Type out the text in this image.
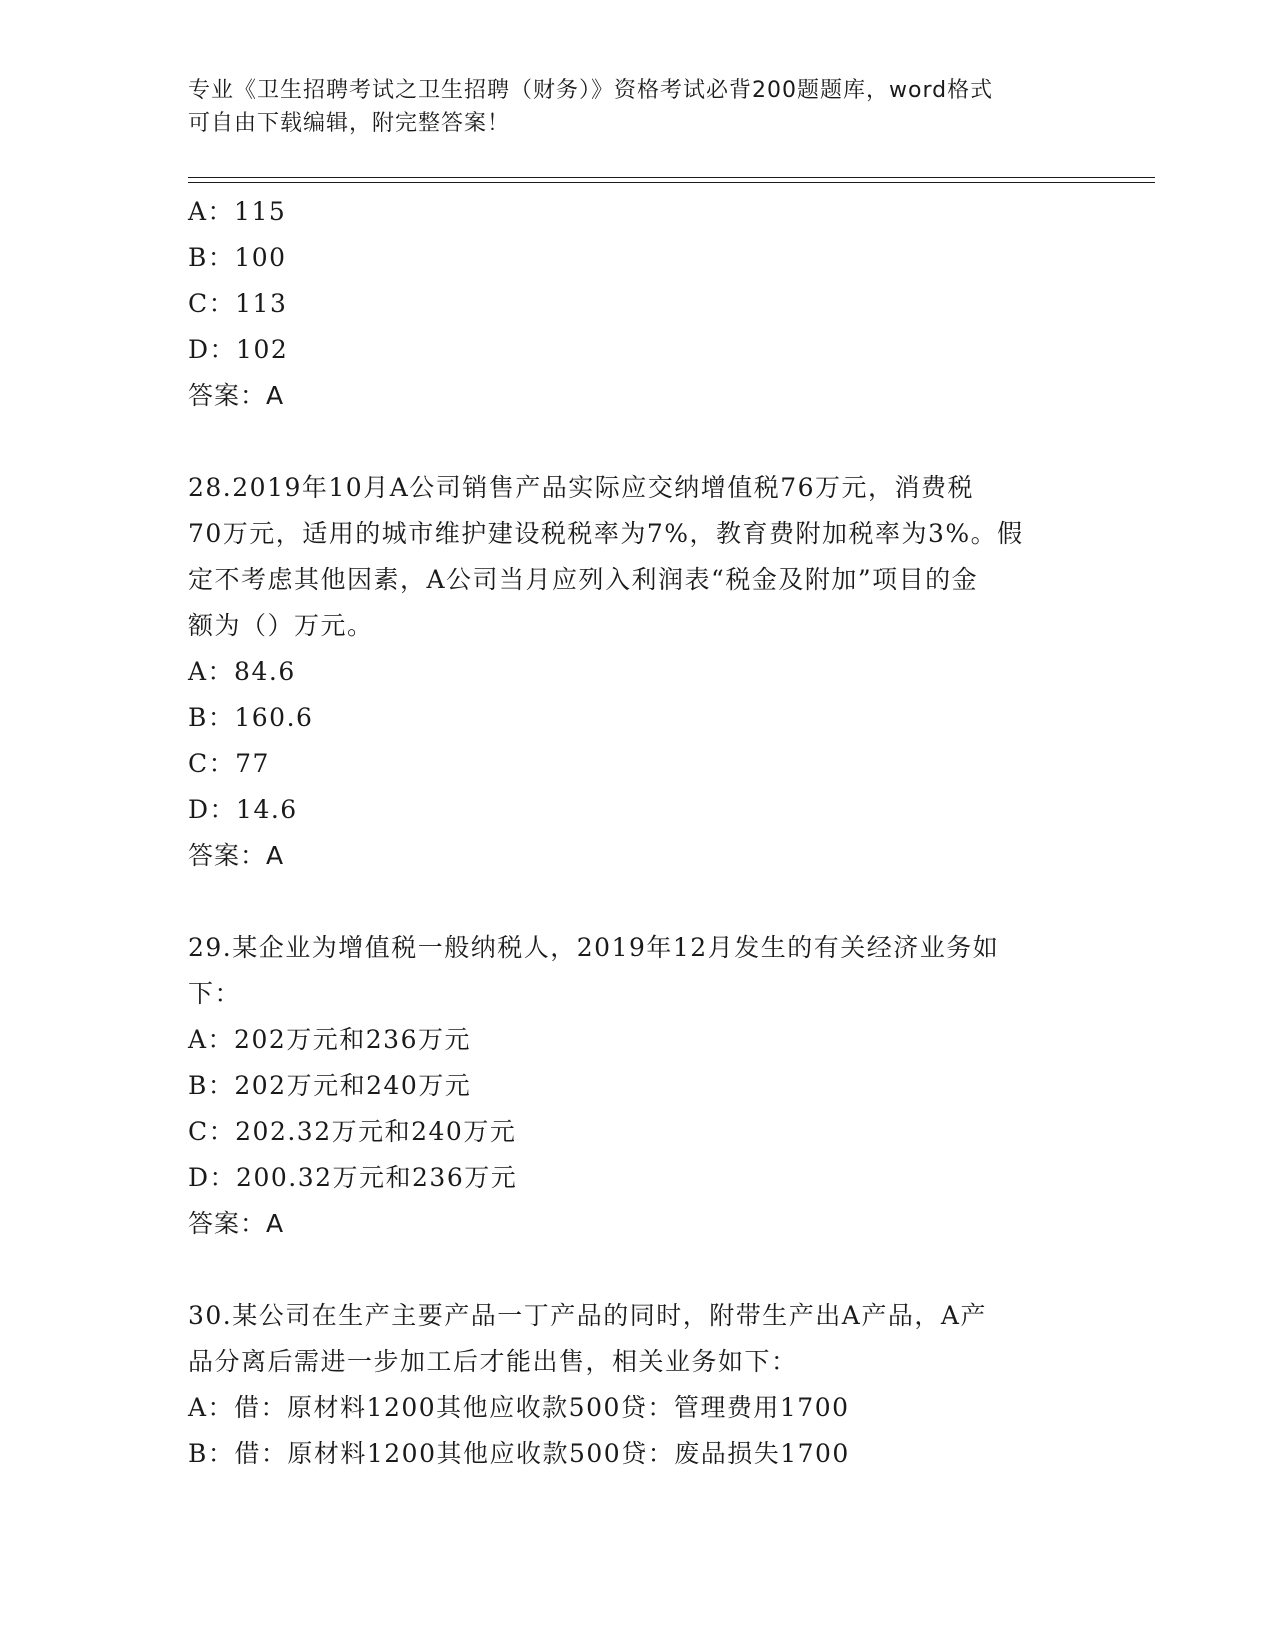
专业《卫生招聘考试之卫生招聘（财务）》资格考试必背200题题库，word格式
可自由下载编辑，附完整答案！
A：115
B：100
C：113
D：102
答案：A
28.2019年10月A公司销售产品实际应交纳增值税76万元，消费税
70万元，适用的城市维护建设税税率为7%，教育费附加税率为3%。假
定不考虑其他因素，A公司当月应列入利润表“税金及附加”项目的金
额为（）万元。
A：84.6
B：160.6
C：77
D：14.6
答案：A
29.某企业为增值税一般纳税人，2019年12月发生的有关经济业务如
下：
A：202万元和236万元
B：202万元和240万元
C：202.32万元和240万元
D：200.32万元和236万元
答案：A
30.某公司在生产主要产品一丁产品的同时，附带生产出A产品，A产
品分离后需进一步加工后才能出售，相关业务如下：
A：借：原材料1200其他应收款500贷：管理费用1700
B：借：原材料1200其他应收款500贷：废品损失1700
